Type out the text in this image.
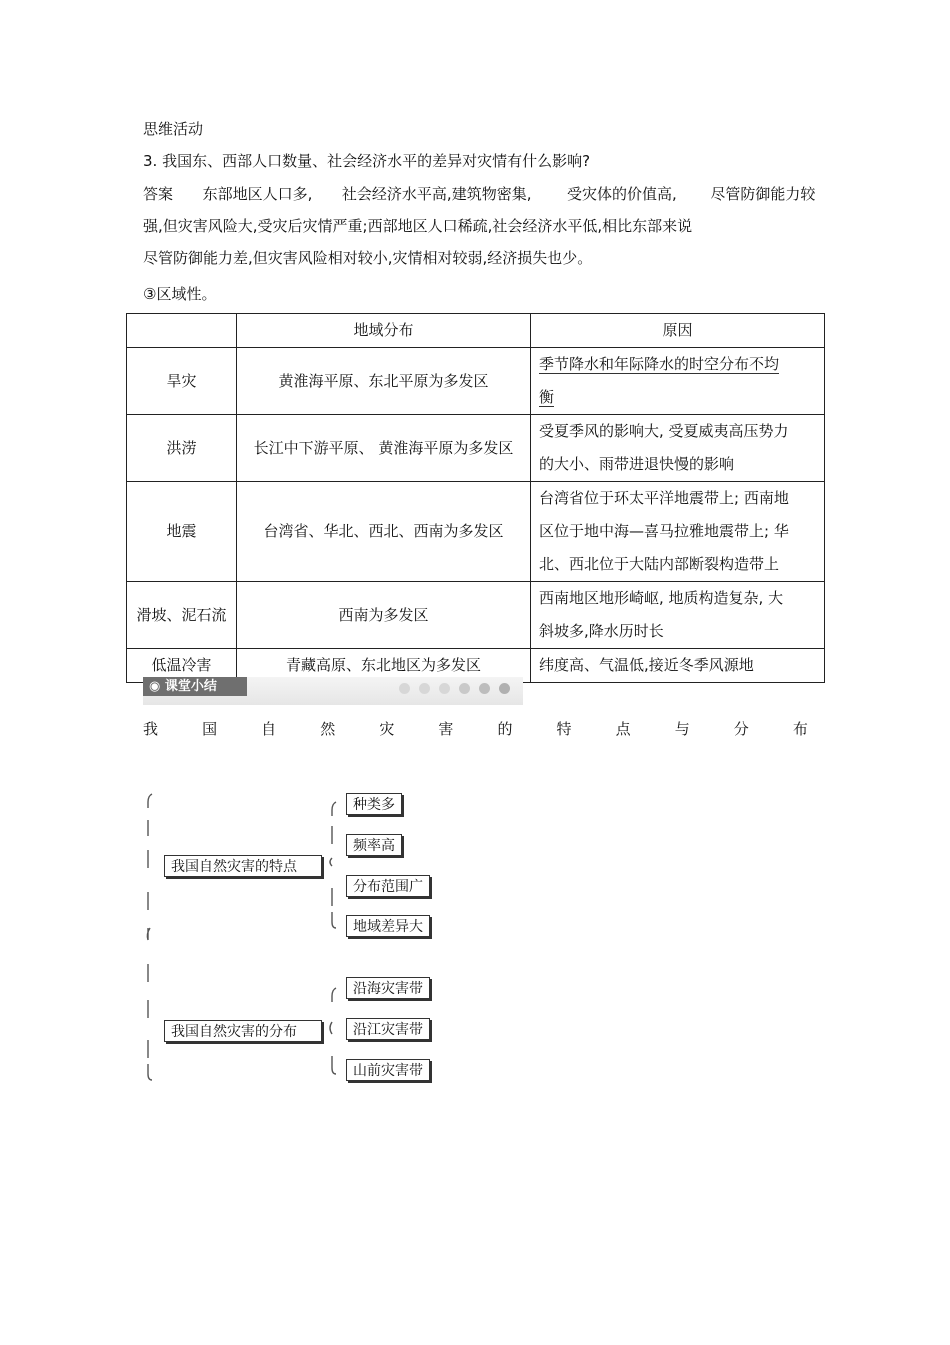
思维活动
3. 我国东、西部人口数量、社会经济水平的差异对灾情有什么影响?
答案 东部地区人口多, 社会经济水平高,建筑物密集, 受灾体的价值高, 尽管防御能力较
强,但灾害风险大,受灾后灾情严重;西部地区人口稀疏,社会经济水平低,相比东部来说
尽管防御能力差,但灾害风险相对较小,灾情相对较弱,经济损失也少。
③区域性。
	地域分布	原因
旱灾	黄淮海平原、东北平原为多发区	季节降水和年际降水的时空分布不均
衡

洪涝	长江中下游平原、 黄淮海平原为多发区	受夏季风的影响大, 受夏威夷高压势力
的大小、雨带进退快慢的影响

地震	台湾省、华北、西北、西南为多发区	台湾省位于环太平洋地震带上; 西南地
区位于地中海—喜马拉雅地震带上; 华
北、西北位于大陆内部断裂构造带上

滑坡、泥石流	西南为多发区	西南地区地形崎岖, 地质构造复杂, 大
斜坡多,降水历时长

低温冷害	青藏高原、东北地区为多发区	纬度高、气温低,接近冬季风源地
◉ 课堂小结
我	国	自	然	灾	害	的	特	点	与	分	布
我国自然灾害的特点
种类多
频率高
分布范围广
地域差异大
我国自然灾害的分布
沿海灾害带
沿江灾害带
山前灾害带
